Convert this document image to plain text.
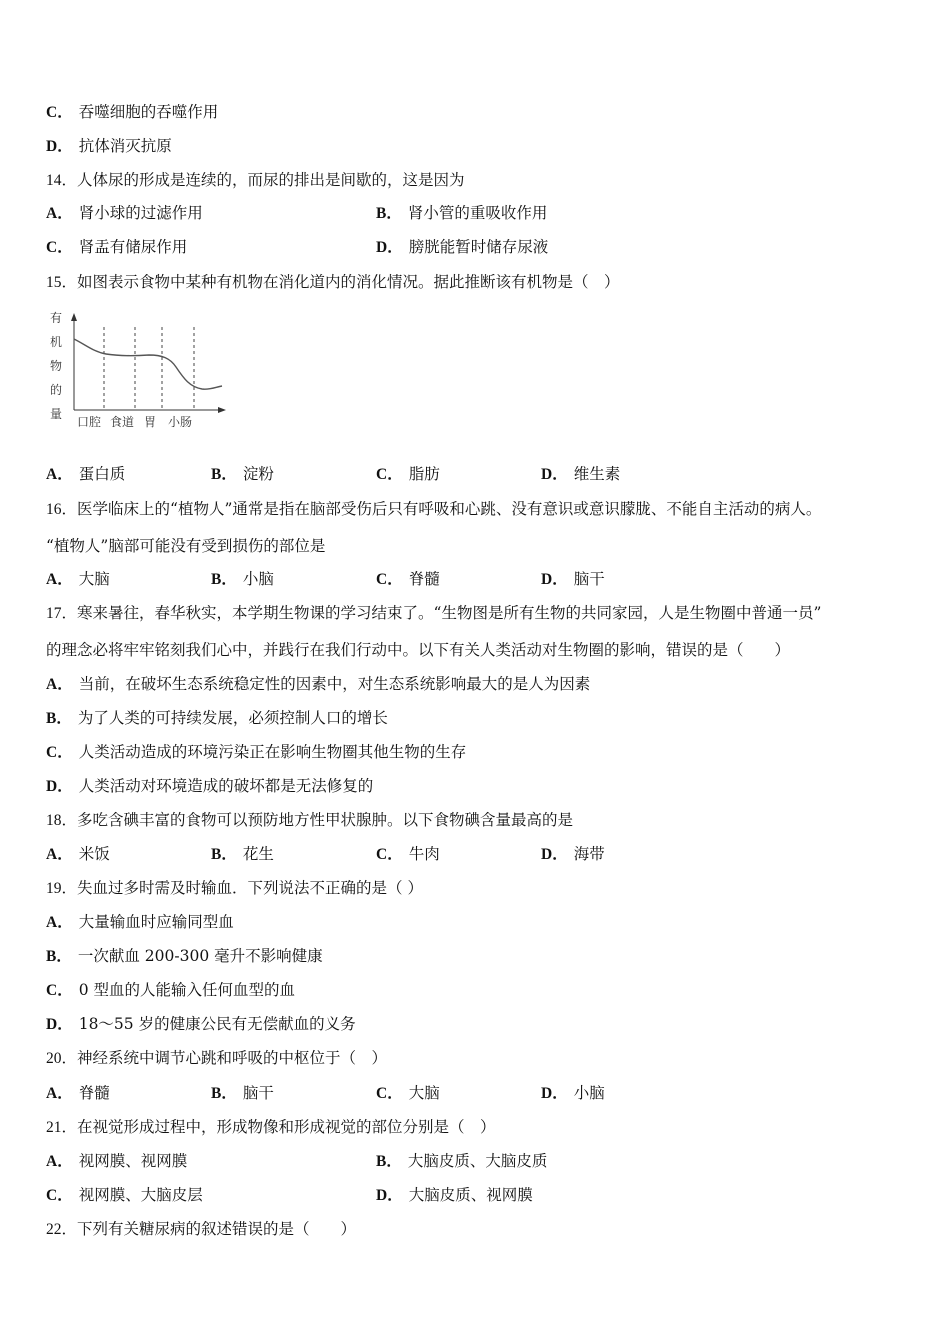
C． 吞噬细胞的吞噬作用
D． 抗体消灭抗原
14．人体尿的形成是连续的，而尿的排出是间歇的，这是因为
A． 肾小球的过滤作用	B． 肾小管的重吸收作用
C． 肾盂有储尿作用	D． 膀胱能暂时储存尿液
15．如图表示食物中某种有机物在消化道内的消化情况。据此推断该有机物是（　）
有
机
物
的
量
口腔 食道 胃 小肠
A． 蛋白质	B． 淀粉	C． 脂肪	D． 维生素
16．医学临床上的“植物人”通常是指在脑部受伤后只有呼吸和心跳、没有意识或意识朦胧、不能自主活动的病人。
“植物人”脑部可能没有受到损伤的部位是
A． 大脑	B． 小脑	C． 脊髓	D． 脑干
17．寒来暑往，春华秋实，本学期生物课的学习结束了。“生物图是所有生物的共同家园，人是生物圈中普通一员”
的理念必将牢牢铭刻我们心中，并践行在我们行动中。以下有关人类活动对生物圈的影响，错误的是（　　）
A． 当前，在破坏生态系统稳定性的因素中，对生态系统影响最大的是人为因素
B． 为了人类的可持续发展，必须控制人口的增长
C． 人类活动造成的环境污染正在影响生物圈其他生物的生存
D． 人类活动对环境造成的破坏都是无法修复的
18．多吃含碘丰富的食物可以预防地方性甲状腺肿。以下食物碘含量最高的是
A． 米饭	B． 花生	C． 牛肉	D． 海带
19．失血过多时需及时输血．下列说法不正确的是（ ）
A． 大量输血时应输同型血
B． 一次献血 200-300 毫升不影响健康
C． 0 型血的人能输入任何血型的血
D． 18～55 岁的健康公民有无偿献血的义务
20．神经系统中调节心跳和呼吸的中枢位于（　）
A． 脊髓	B． 脑干	C． 大脑	D． 小脑
21．在视觉形成过程中，形成物像和形成视觉的部位分别是（　）
A． 视网膜、视网膜	B． 大脑皮质、大脑皮质
C． 视网膜、大脑皮层	D． 大脑皮质、视网膜
22．下列有关糖尿病的叙述错误的是（　　）
